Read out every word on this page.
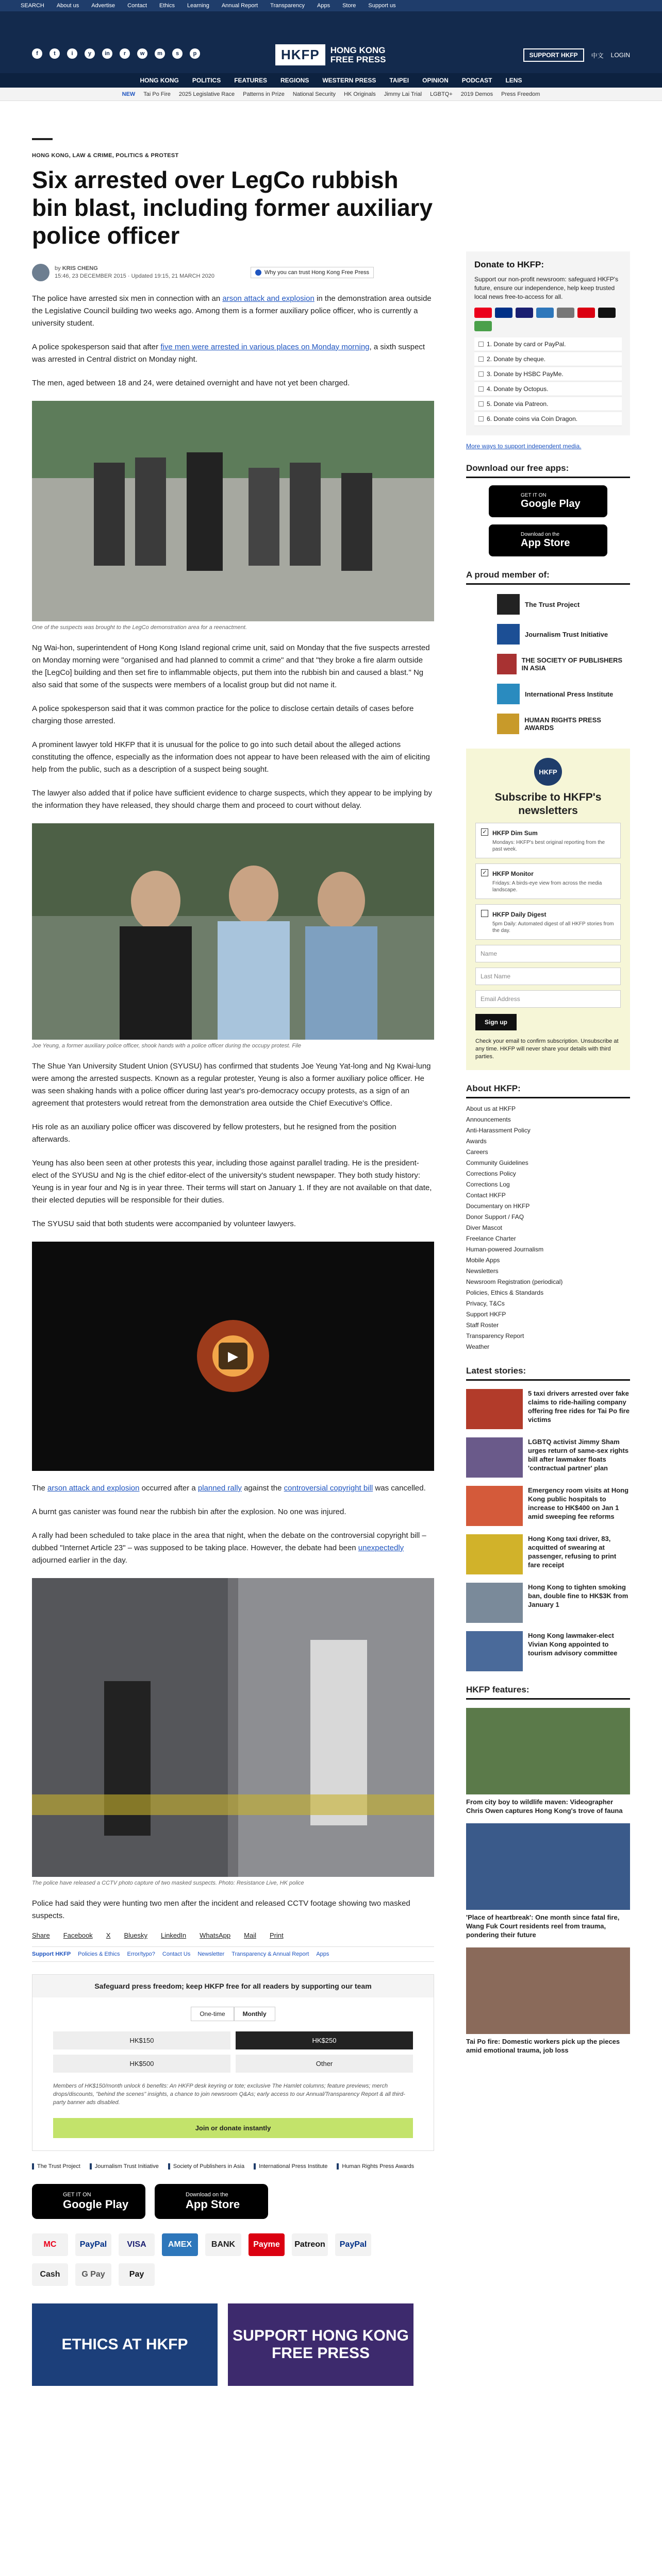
SEARCH About us Advertise Contact Ethics Learning Annual Report Transparency Apps Store Support us
f	t	i	y	in	r	w	m	s	p	HKFP	HONG KONG
FREE PRESS	SUPPORT HKFP	中文 LOGIN
HONG KONG POLITICS FEATURES REGIONS WESTERN PRESS TAIPEI OPINION PODCAST LENS
NEW Tai Po Fire 2025 Legislative Race Patterns in Prize National Security HK Originals Jimmy Lai Trial LGBTQ+ 2019 Demos Press Freedom
HONG KONG, LAW & CRIME, POLITICS & PROTEST
Six arrested over LegCo rubbish bin blast, including former auxiliary police officer
by KRIS CHENG
15:46, 23 DECEMBER 2015 · Updated 19:15, 21 MARCH 2020
Why you can trust Hong Kong Free Press

The police have arrested six men in connection with an arson attack and explosion in the demonstration area outside the Legislative Council building two weeks ago. Among them is a former auxiliary police officer, who is currently a university student.

A police spokesperson said that after five men were arrested in various places on Monday morning, a sixth suspect was arrested in Central district on Monday night.

The men, aged between 18 and 24, were detained overnight and have not yet been charged.

One of the suspects was brought to the LegCo demonstration area for a reenactment.

Ng Wai-hon, superintendent of Hong Kong Island regional crime unit, said on Monday that the five suspects arrested on Monday morning were "organised and had planned to commit a crime" and that "they broke a fire alarm outside the [LegCo] building and then set fire to inflammable objects, put them into the rubbish bin and caused a blast." Ng also said that some of the suspects were members of a localist group but did not name it.

A police spokesperson said that it was common practice for the police to disclose certain details of cases before charging those arrested.

A prominent lawyer told HKFP that it is unusual for the police to go into such detail about the alleged actions constituting the offence, especially as the information does not appear to have been released with the aim of eliciting help from the public, such as a description of a suspect being sought.

The lawyer also added that if police have sufficient evidence to charge suspects, which they appear to be implying by the information they have released, they should charge them and proceed to court without delay.

Joe Yeung, a former auxiliary police officer, shook hands with a police officer during the occupy protest. File

The Shue Yan University Student Union (SYUSU) has confirmed that students Joe Yeung Yat-long and Ng Kwai-lung were among the arrested suspects. Known as a regular protester, Yeung is also a former auxiliary police officer. He was seen shaking hands with a police officer during last year's pro-democracy occupy protests, as a sign of an agreement that protesters would retreat from the demonstration area outside the Chief Executive's Office.

His role as an auxiliary police officer was discovered by fellow protesters, but he resigned from the position afterwards.

Yeung has also been seen at other protests this year, including those against parallel trading. He is the president-elect of the SYUSU and Ng is the chief editor-elect of the university's student newspaper. They both study history: Yeung is in year four and Ng is in year three. Their terms will start on January 1. If they are not available on that date, their elected deputies will be responsible for their duties.

The SYUSU said that both students were accompanied by volunteer lawyers.

▶

The arson attack and explosion occurred after a planned rally against the controversial copyright bill was cancelled.

A burnt gas canister was found near the rubbish bin after the explosion. No one was injured.

A rally had been scheduled to take place in the area that night, when the debate on the controversial copyright bill – dubbed "Internet Article 23" – was supposed to be taking place. However, the debate had been unexpectedly adjourned earlier in the day.

The police have released a CCTV photo capture of two masked suspects. Photo: Resistance Live, HK police

Police had said they were hunting two men after the incident and released CCTV footage showing two masked suspects.

Share Facebook X Bluesky LinkedIn WhatsApp Mail Print
Support HKFP Policies & Ethics Error/typo? Contact Us Newsletter Transparency & Annual Report Apps
Safeguard press freedom; keep HKFP free for all readers by supporting our team
One-time	Monthly
HK$150	HK$250
HK$500	Other
Members of HK$150/month unlock 6 benefits: An HKFP desk keyring or tote; exclusive The Hamlet columns; feature previews; merch drops/discounts, "behind the scenes" insights, a chance to join newsroom Q&As; early access to our Annual/Transparency Report & all third-party banner ads disabled.
Join or donate instantly
The Trust Project	Journalism Trust Initiative	Society of Publishers in Asia	International Press Institute	Human Rights Press Awards
GET IT ON
Google Play
Download on the
App Store
MC	PayPal	VISA	AMEX	BANK	Payme	Patreon	PayPal
Cash	G Pay	Pay
ETHICS AT HKFP
SUPPORT HONG KONG FREE PRESS
Donate to HKFP:
Support our non-profit newsroom: safeguard HKFP's future, ensure our independence, help keep trusted local news free-to-access for all.
1. Donate by card or PayPal.
2. Donate by cheque.
3. Donate by HSBC PayMe.
4. Donate by Octopus.
5. Donate via Patreon.
6. Donate coins via Coin Dragon.
More ways to support independent media.
Download our free apps:
GET IT ON
Google Play
Download on the
App Store
A proud member of:
The Trust Project
Journalism Trust Initiative
THE SOCIETY OF PUBLISHERS IN ASIA
International Press Institute
HUMAN RIGHTS PRESS AWARDS
HKFP
Subscribe to HKFP's newsletters
✓ HKFP Dim Sum

Mondays: HKFP's best original reporting from the past week.

✓ HKFP Monitor

Fridays: A birds-eye view from across the media landscape.

HKFP Daily Digest

5pm Daily: Automated digest of all HKFP stories from the day.

Name
Last Name
Email Address
Sign up
Check your email to confirm subscription. Unsubscribe at any time. HKFP will never share your details with third parties.
About HKFP:
About us at HKFP
Announcements
Anti-Harassment Policy
Awards
Careers
Community Guidelines
Corrections Policy
Corrections Log
Contact HKFP
Documentary on HKFP
Donor Support / FAQ
Diver Mascot
Freelance Charter
Human-powered Journalism
Mobile Apps
Newsletters
Newsroom Registration (periodical)
Policies, Ethics & Standards
Privacy, T&Cs
Support HKFP
Staff Roster
Transparency Report
Weather
Latest stories:
5 taxi drivers arrested over fake claims to ride-hailing company offering free rides for Tai Po fire victims
LGBTQ activist Jimmy Sham urges return of same-sex rights bill after lawmaker floats 'contractual partner' plan
Emergency room visits at Hong Kong public hospitals to increase to HK$400 on Jan 1 amid sweeping fee reforms
Hong Kong taxi driver, 83, acquitted of swearing at passenger, refusing to print fare receipt
Hong Kong to tighten smoking ban, double fine to HK$3K from January 1
Hong Kong lawmaker-elect Vivian Kong appointed to tourism advisory committee
HKFP features:
From city boy to wildlife maven: Videographer Chris Owen captures Hong Kong's trove of fauna
'Place of heartbreak': One month since fatal fire, Wang Fuk Court residents reel from trauma, pondering their future
Tai Po fire: Domestic workers pick up the pieces amid emotional trauma, job loss
